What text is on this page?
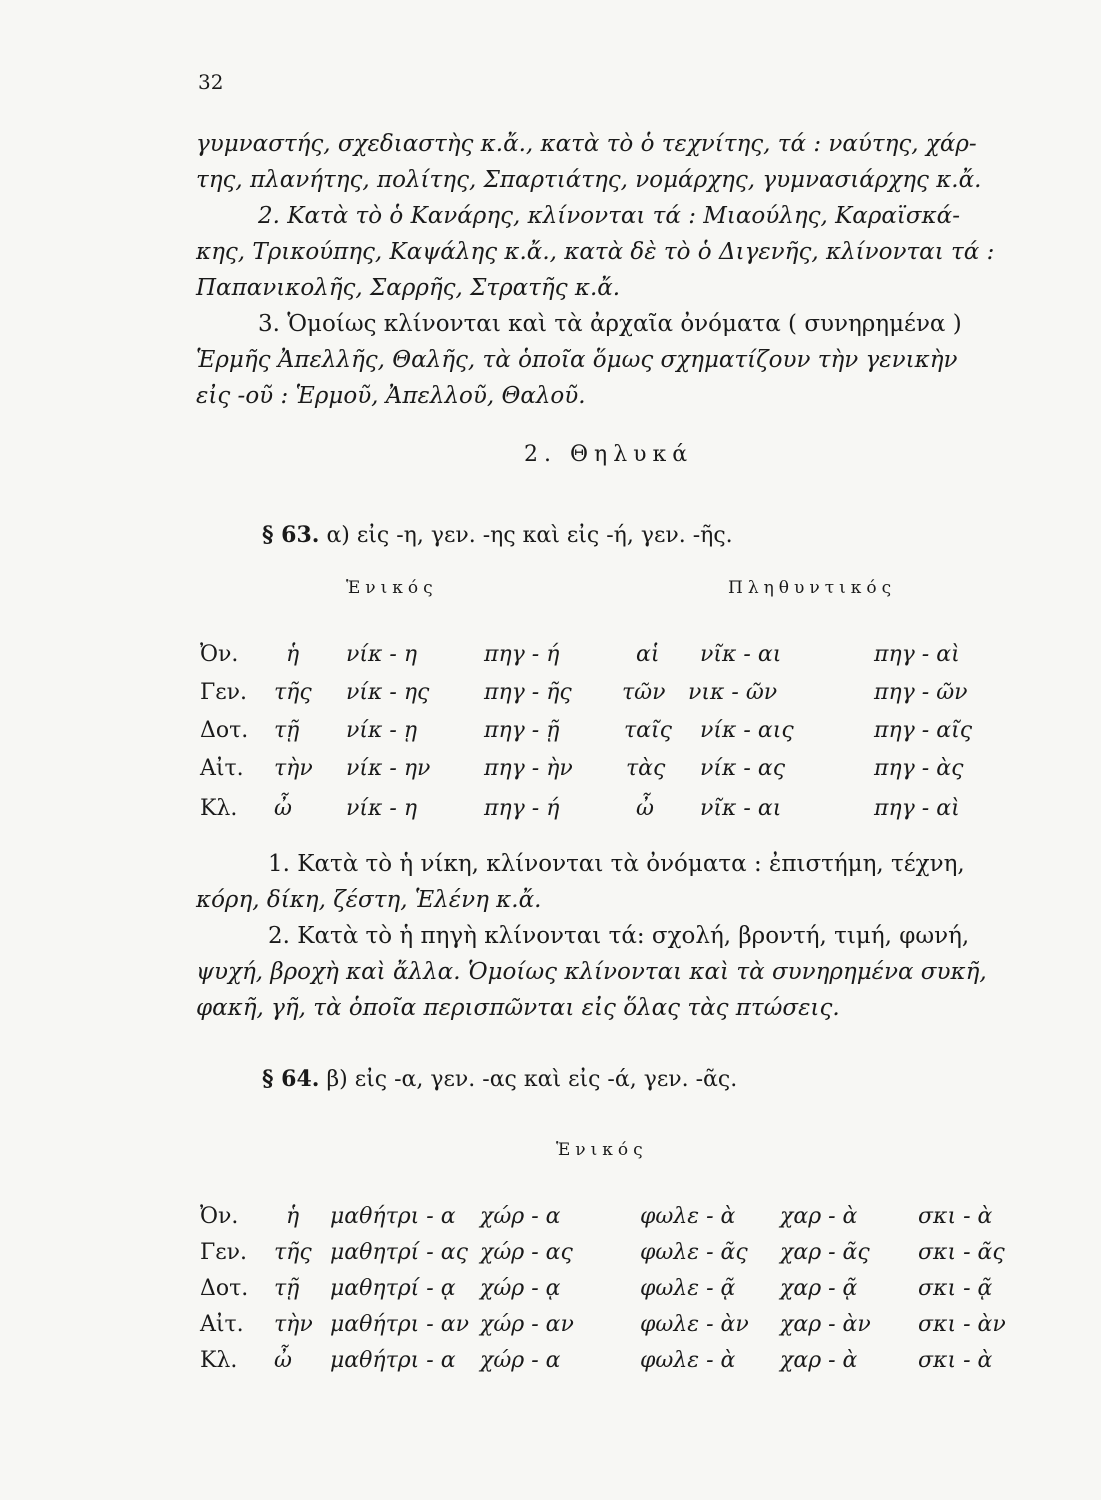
32
γυμναστής, σχεδιαστὴς κ.ἄ., κατὰ τὸ ὁ τεχνίτης, τά : ναύτης, χάρ-
της, πλανήτης, πολίτης, Σπαρτιάτης, νομάρχης, γυμνασιάρχης κ.ἄ.
2. Κατὰ τὸ ὁ Κανάρης, κλίνονται τά : Μιαούλης, Καραϊσκά-
κης, Τρικούπης, Καψάλης κ.ἄ., κατὰ δὲ τὸ ὁ Διγενῆς, κλίνονται τά :
Παπανικολῆς, Σαρρῆς, Στρατῆς κ.ἄ.
3. Ὁμοίως κλίνονται καὶ τὰ ἀρχαῖα ὀνόματα ( συνηρημένα )
Ἑρμῆς Ἀπελλῆς, Θαλῆς, τὰ ὁποῖα ὅμως σχηματίζουν τὴν γενικὴν
εἰς -οῦ : Ἑρμοῦ, Ἀπελλοῦ, Θαλοῦ.
2. Θηλυκά
§ 63. α) εἰς -η, γεν. -ης καὶ εἰς -ή, γεν. -ῆς.
Ἑνικός	Πληθυντικός
Ὀν. ἡ νίκ - η	πηγ - ή	αἱ νῖκ - αι	πηγ - αὶ
Γεν. τῆς νίκ - ης πηγ - ῆς τῶν νικ - ῶν	πηγ - ῶν
Δοτ. τῇ νίκ - ῃ	πηγ - ῇ	ταῖς νίκ - αις	πηγ - αῖς
Αἰτ. τὴν νίκ - ην πηγ - ὴν τὰς νίκ - ας	πηγ - ὰς
Κλ. ὦ νίκ - η	πηγ - ή	ὦ νῖκ - αι	πηγ - αὶ
1. Κατὰ τὸ ἡ νίκη, κλίνονται τὰ ὀνόματα : ἐπιστήμη, τέχνη,
κόρη, δίκη, ζέστη, Ἑλένη κ.ἄ.
2. Κατὰ τὸ ἡ πηγὴ κλίνονται τά: σχολή, βροντή, τιμή, φωνή,
ψυχή, βροχὴ καὶ ἄλλα. Ὁμοίως κλίνονται καὶ τὰ συνηρημένα συκῆ,
φακῆ, γῆ, τὰ ὁποῖα περισπῶνται εἰς ὅλας τὰς πτώσεις.
§ 64. β) εἰς -α, γεν. -ας καὶ εἰς -ά, γεν. -ᾶς.
Ἑνικός
Ὀν. ἡ μαθήτρι - α χώρ - α	φωλε - ὰ χαρ - ὰ	σκι - ὰ
Γεν. τῆς μαθητρί - ας χώρ - ας	φωλε - ᾶς χαρ - ᾶς σκι - ᾶς
Δοτ. τῇ μαθητρί - ᾳ χώρ - ᾳ	φωλε - ᾷ χαρ - ᾷ	σκι - ᾷ
Αἰτ. τὴν μαθήτρι - αν χώρ - αν	φωλε - ὰν χαρ - ὰν σκι - ὰν
Κλ. ὦ μαθήτρι - α χώρ - α	φωλε - ὰ χαρ - ὰ	σκι - ὰ
